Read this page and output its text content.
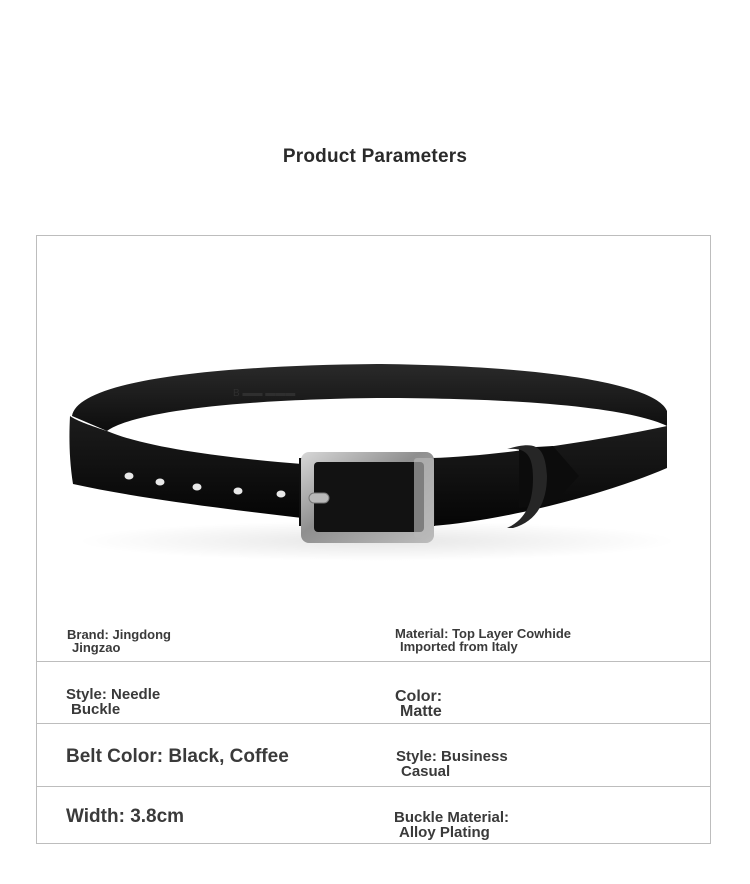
Product Parameters
B ▬▬ ▬▬▬
Brand: Jingdong
Jingzao
Material: Top Layer Cowhide
Imported from Italy
Style: Needle
Buckle
Color:
Matte
Belt Color: Black, Coffee	Style: Business
Casual
Width: 3.8cm	Buckle Material:
Alloy Plating
